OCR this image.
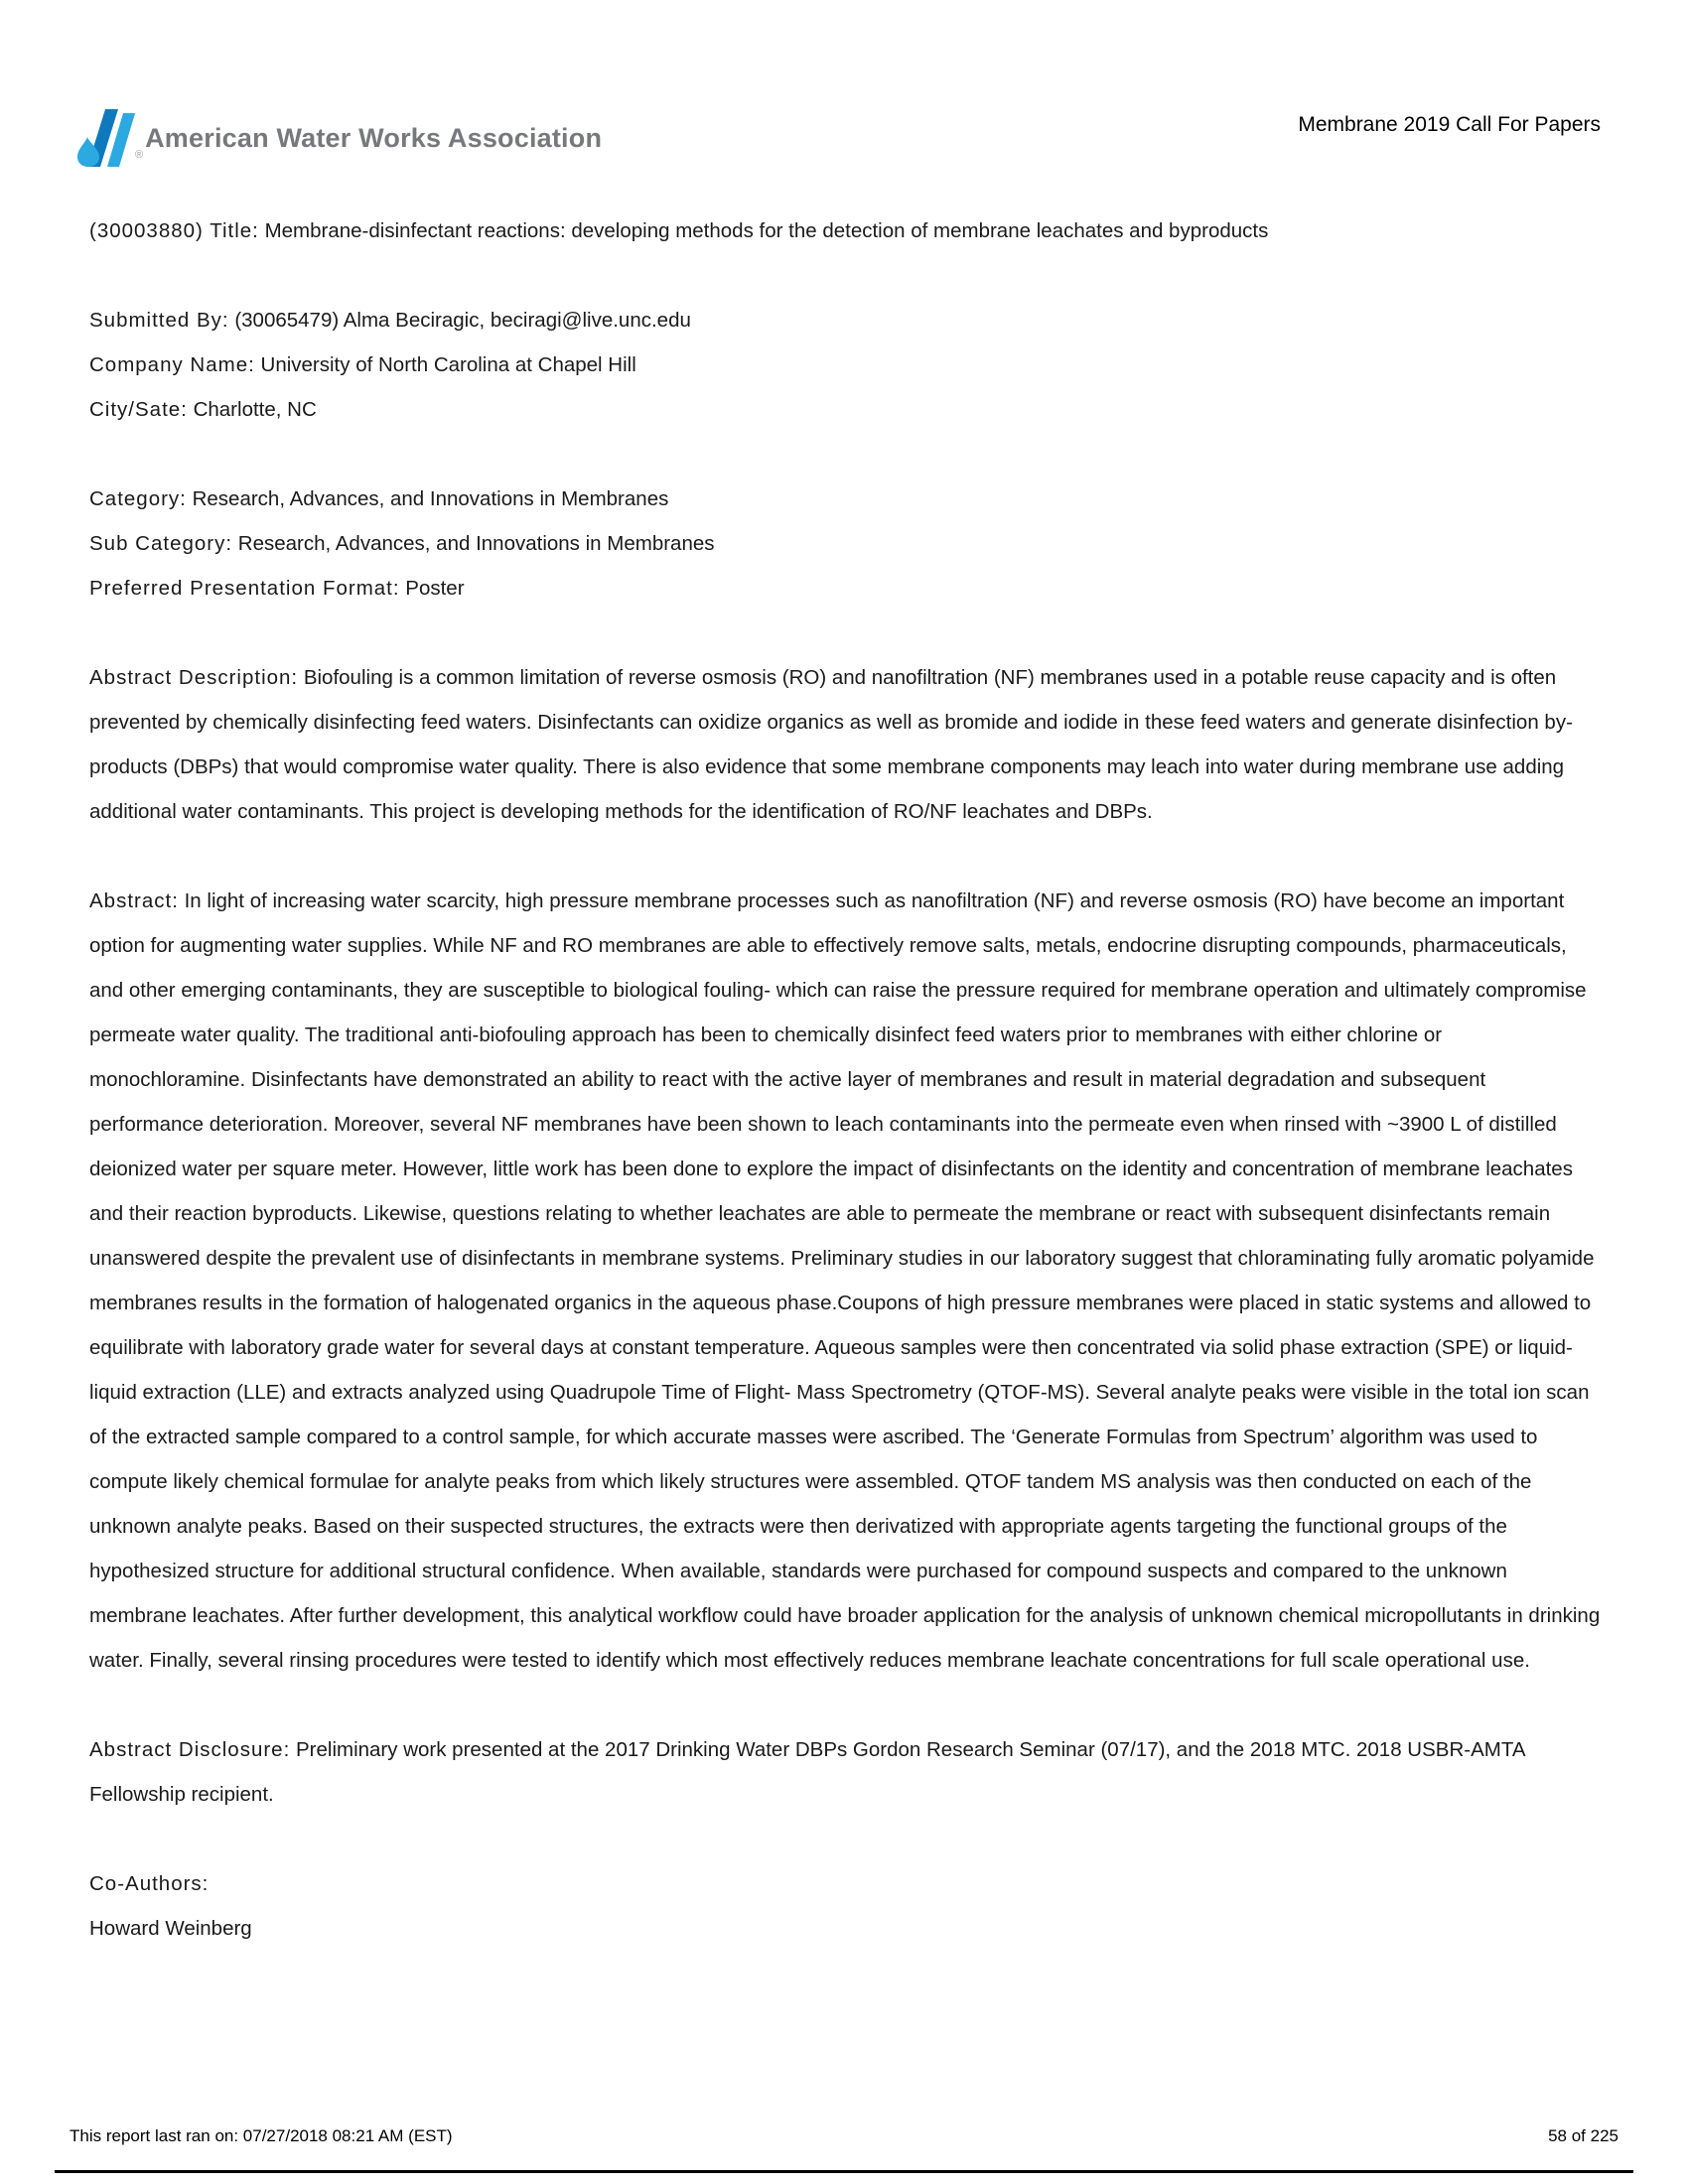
®
American Water Works Association	Membrane 2019 Call For Papers

(30003880) Title: Membrane-disinfectant reactions: developing methods for the detection of membrane leachates and byproducts

Submitted By: (30065479) Alma Beciragic, beciragi@live.unc.edu

Company Name: University of North Carolina at Chapel Hill

City/Sate: Charlotte, NC

Category: Research, Advances, and Innovations in Membranes

Sub Category: Research, Advances, and Innovations in Membranes

Preferred Presentation Format: Poster

Abstract Description: Biofouling is a common limitation of reverse osmosis (RO) and nanofiltration (NF) membranes used in a potable reuse capacity and is often prevented by chemically disinfecting feed waters. Disinfectants can oxidize organics as well as bromide and iodide in these feed waters and generate disinfection by-products (DBPs) that would compromise water quality. There is also evidence that some membrane components may leach into water during membrane use adding additional water contaminants. This project is developing methods for the identification of RO/NF leachates and DBPs.

Abstract: In light of increasing water scarcity, high pressure membrane processes such as nanofiltration (NF) and reverse osmosis (RO) have become an important option for augmenting water supplies. While NF and RO membranes are able to effectively remove salts, metals, endocrine disrupting compounds, pharmaceuticals, and other emerging contaminants, they are susceptible to biological fouling- which can raise the pressure required for membrane operation and ultimately compromise permeate water quality. The traditional anti-biofouling approach has been to chemically disinfect feed waters prior to membranes with either chlorine or monochloramine. Disinfectants have demonstrated an ability to react with the active layer of membranes and result in material degradation and subsequent performance deterioration. Moreover, several NF membranes have been shown to leach contaminants into the permeate even when rinsed with ~3900 L of distilled deionized water per square meter. However, little work has been done to explore the impact of disinfectants on the identity and concentration of membrane leachates and their reaction byproducts. Likewise, questions relating to whether leachates are able to permeate the membrane or react with subsequent disinfectants remain unanswered despite the prevalent use of disinfectants in membrane systems. Preliminary studies in our laboratory suggest that chloraminating fully aromatic polyamide membranes results in the formation of halogenated organics in the aqueous phase.Coupons of high pressure membranes were placed in static systems and allowed to equilibrate with laboratory grade water for several days at constant temperature. Aqueous samples were then concentrated via solid phase extraction (SPE) or liquid-liquid extraction (LLE) and extracts analyzed using Quadrupole Time of Flight- Mass Spectrometry (QTOF-MS). Several analyte peaks were visible in the total ion scan of the extracted sample compared to a control sample, for which accurate masses were ascribed. The ‘Generate Formulas from Spectrum’ algorithm was used to compute likely chemical formulae for analyte peaks from which likely structures were assembled. QTOF tandem MS analysis was then conducted on each of the unknown analyte peaks. Based on their suspected structures, the extracts were then derivatized with appropriate agents targeting the functional groups of the hypothesized structure for additional structural confidence. When available, standards were purchased for compound suspects and compared to the unknown membrane leachates. After further development, this analytical workflow could have broader application for the analysis of unknown chemical micropollutants in drinking water. Finally, several rinsing procedures were tested to identify which most effectively reduces membrane leachate concentrations for full scale operational use.

Abstract Disclosure: Preliminary work presented at the 2017 Drinking Water DBPs Gordon Research Seminar (07/17), and the 2018 MTC. 2018 USBR-AMTA Fellowship recipient.

Co-Authors:

Howard Weinberg

This report last ran on: 07/27/2018 08:21 AM (EST)	58 of 225
